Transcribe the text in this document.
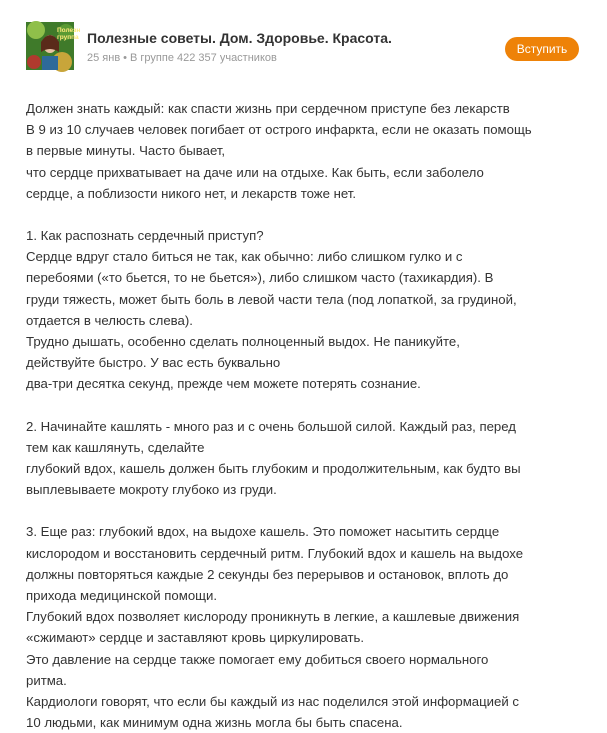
Полезн
группа Полезные советы. Дом. Здоровье. Красота.
25 янв • В группе 422 357 участников
Вступить

Должен знать каждый: как спасти жизнь при сердечном приступе без лекарств

В 9 из 10 случаев человек погибает от острого инфаркта, если не оказать помощь

в первые минуты. Часто бывает,

что сердце прихватывает на даче или на отдыхе. Как быть, если заболело

сердце, а поблизости никого нет, и лекарств тоже нет.

1. Как распознать сердечный приступ?

Сердце вдруг стало биться не так, как обычно: либо слишком гулко и с

перебоями («то бьется, то не бьется»), либо слишком часто (тахикардия). В

груди тяжесть, может быть боль в левой части тела (под лопаткой, за грудиной,

отдается в челюсть слева).

Трудно дышать, особенно сделать полноценный выдох. Не паникуйте,

действуйте быстро. У вас есть буквально

два-три десятка секунд, прежде чем можете потерять сознание.

2. Начинайте кашлять - много раз и с очень большой силой. Каждый раз, перед

тем как кашлянуть, сделайте

глубокий вдох, кашель должен быть глубоким и продолжительным, как будто вы

выплевываете мокроту глубоко из груди.

3. Еще раз: глубокий вдох, на выдохе кашель. Это поможет насытить сердце

кислородом и восстановить сердечный ритм. Глубокий вдох и кашель на выдохе

должны повторяться каждые 2 секунды без перерывов и остановок, вплоть до

прихода медицинской помощи.

Глубокий вдох позволяет кислороду проникнуть в легкие, а кашлевые движения

«сжимают» сердце и заставляют кровь циркулировать.

Это давление на сердце также помогает ему добиться своего нормального

ритма.

Кардиологи говорят, что если бы каждый из нас поделился этой информацией с

10 людьми, как минимум одна жизнь могла бы быть спасена.
